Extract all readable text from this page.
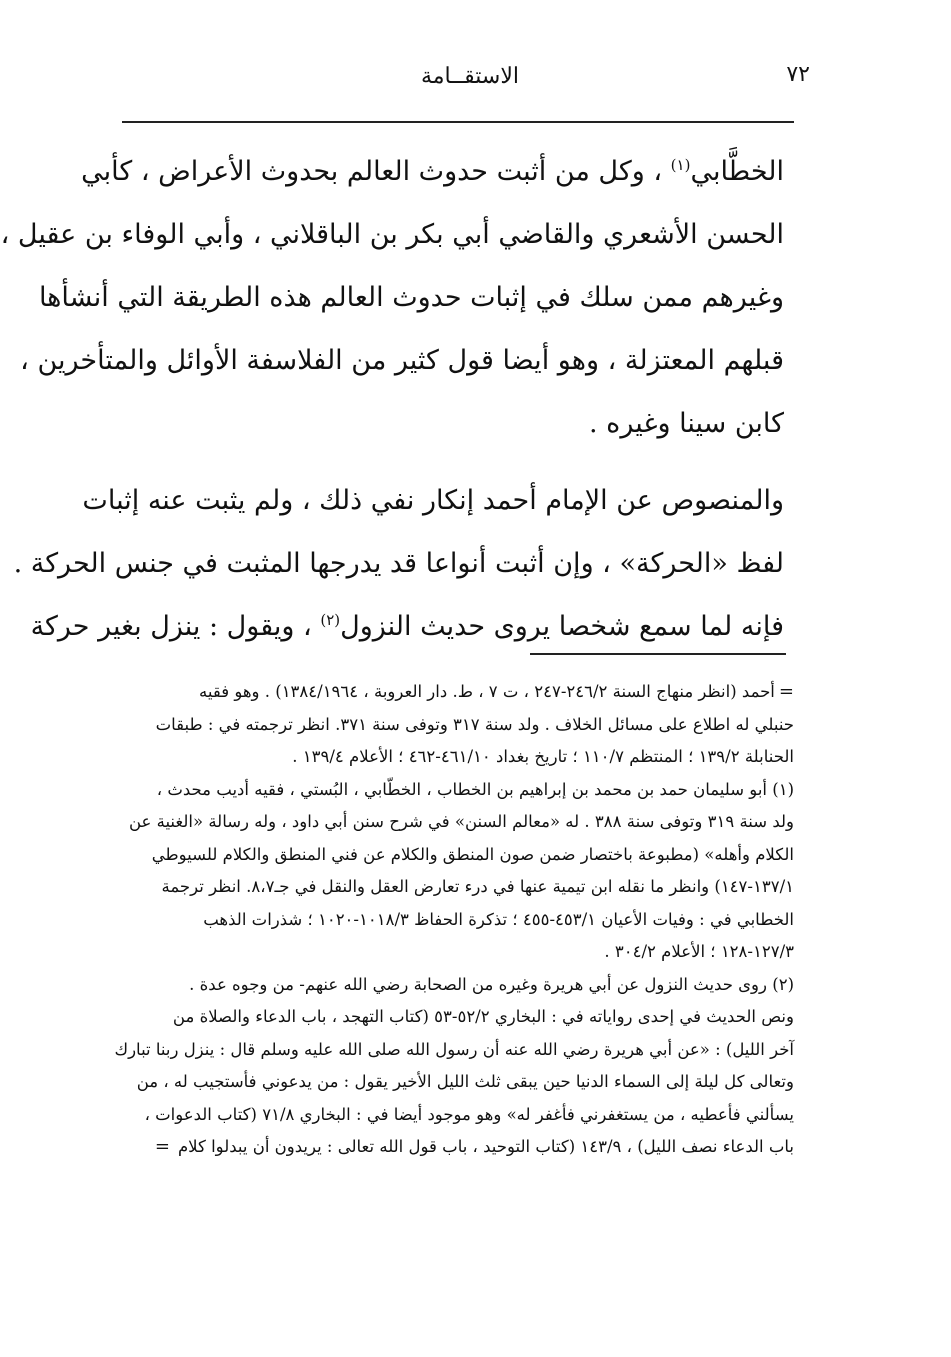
٧٢
الاستقــامة

الخطَّابي$^{(١)}$ ، وكل من أثبت حدوث العالم بحدوث الأعراض ، كأبي

الحسن الأشعري والقاضي أبي بكر بن الباقلاني ، وأبي الوفاء بن عقيل ،

وغيرهم ممن سلك في إثبات حدوث العالم هذه الطريقة التي أنشأها

قبلهم المعتزلة ، وهو أيضا قول كثير من الفلاسفة الأوائل والمتأخرين ،

كابن سينا وغيره .

والمنصوص عن الإمام أحمد إنكار نفي ذلك ، ولم يثبت عنه إثبات

لفظ «الحركة» ، وإن أثبت أنواعا قد يدرجها المثبت في جنس الحركة .

فإنه لما سمع شخصا يروى حديث النزول$^{(٢)}$ ، ويقول : ينزل بغير حركة

= أحمد (انظر منهاج السنة ٢٤٦/٢-٢٤٧ ، ت ٧ ، ط. دار العروبة ، ١٣٨٤/١٩٦٤) . وهو فقيه

حنبلي له اطلاع على مسائل الخلاف . ولد سنة ٣١٧ وتوفى سنة ٣٧١. انظر ترجمته في : طبقات

الحنابلة ١٣٩/٢ ؛ المنتظم ١١٠/٧ ؛ تاريخ بغداد ٤٦١/١٠-٤٦٢ ؛ الأعلام ١٣٩/٤ .

(١) أبو سليمان حمد بن محمد بن إبراهيم بن الخطاب ، الخطّابي ، البُستي ، فقيه أديب محدث ،

ولد سنة ٣١٩ وتوفى سنة ٣٨٨ . له «معالم السنن» في شرح سنن أبي داود ، وله رسالة «الغنية عن

الكلام وأهله» (مطبوعة باختصار ضمن صون المنطق والكلام عن فني المنطق والكلام للسيوطي

١٣٧/١-١٤٧) وانظر ما نقله ابن تيمية عنها في درء تعارض العقل والنقل في جـ٨،٧. انظر ترجمة

الخطابي في : وفيات الأعيان ٤٥٣/١-٤٥٥ ؛ تذكرة الحفاظ ١٠١٨/٣-١٠٢٠ ؛ شذرات الذهب

١٢٧/٣-١٢٨ ؛ الأعلام ٣٠٤/٢ .

(٢) روى حديث النزول عن أبي هريرة وغيره من الصحابة رضي الله عنهم- من وجوه عدة .

ونص الحديث في إحدى رواياته في : البخاري ٥٢/٢-٥٣ (كتاب التهجد ، باب الدعاء والصلاة من

آخر الليل) : «عن أبي هريرة رضي الله عنه أن رسول الله صلى الله عليه وسلم قال : ينزل ربنا تبارك

وتعالى كل ليلة إلى السماء الدنيا حين يبقى ثلث الليل الأخير يقول : من يدعوني فأستجيب له ، من

يسألني فأعطيه ، من يستغفرني فأغفر له» وهو موجود أيضا في : البخاري ٧١/٨ (كتاب الدعوات ،

باب الدعاء نصف الليل) ، ١٤٣/٩ (كتاب التوحيد ، باب قول الله تعالى : يريدون أن يبدلوا كلام =
